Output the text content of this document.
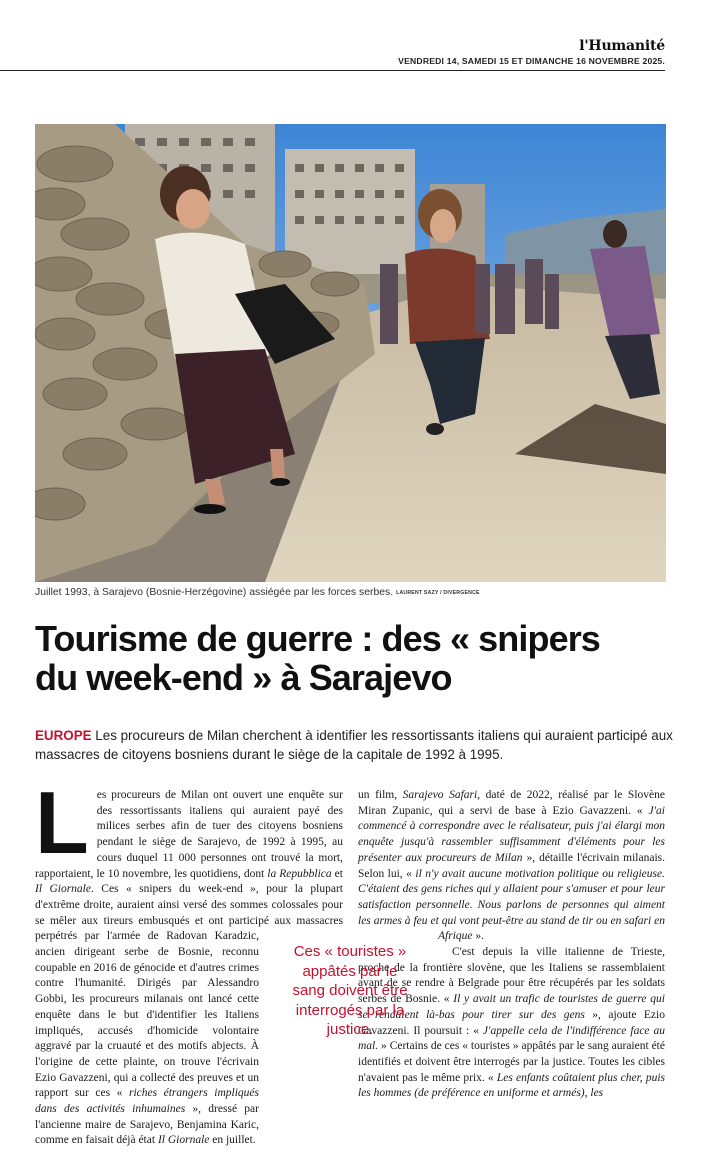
l'Humanité
VENDREDI 14, SAMEDI 15 ET DIMANCHE 16 NOVEMBRE 2025.
Juillet 1993, à Sarajevo (Bosnie-Herzégovine) assiégée par les forces serbes. LAURENT SAZY / DIVERGENCE
Tourisme de guerre : des « snipers
du week-end » à Sarajevo

EUROPE Les procureurs de Milan cherchent à identifier les ressortissants italiens qui auraient participé aux massacres de citoyens bosniens durant le siège de la capitale de 1992 à 1995.

L es procureurs de Milan ont ouvert une enquête sur des ressortissants italiens qui auraient payé des milices serbes afin de tuer des citoyens bosniens pendant le siège de Sarajevo, de 1992 à 1995, au cours duquel 11 000 personnes ont trouvé la mort, rapportaient, le 10 novembre, les quotidiens, dont la Repubblica et Il Giornale. Ces « snipers du week-end », pour la plupart d'extrême droite, auraient ainsi versé des sommes colossales pour se mêler aux tireurs embusqués et ont participé aux massacres perpétrés par l'armée de Radovan Karadzic, ancien dirigeant serbe de Bosnie, reconnu coupable en 2016 de génocide et d'autres crimes contre l'humanité. Dirigés par Alessandro Gobbi, les procureurs milanais ont lancé cette enquête dans le but d'identifier les Italiens impliqués, accusés d'homicide volontaire aggravé par la cruauté et des motifs abjects. À l'origine de cette plainte, on trouve l'écrivain Ezio Gavazzeni, qui a collecté des preuves et un rapport sur ces « riches étrangers impliqués dans des activités inhumaines », dressé par l'ancienne maire de Sarajevo, Benjamina Karic, comme en faisait déjà état Il Giornale en juillet.

un film, Sarajevo Safari, daté de 2022, réalisé par le Slovène Miran Zupanic, qui a servi de base à Ezio Gavazzeni. « J'ai commencé à correspondre avec le réalisateur, puis j'ai élargi mon enquête jusqu'à rassembler suffisamment d'éléments pour les présenter aux procureurs de Milan », détaille l'écrivain milanais. Selon lui, « il n'y avait aucune motivation politique ou religieuse. C'étaient des gens riches qui y allaient pour s'amuser et pour leur satisfaction personnelle. Nous parlons de personnes qui aiment les armes à feu et qui vont peut-être au stand de tir ou en safari en Afrique ».

C'est depuis la ville italienne de Trieste, proche de la frontière slovène, que les Italiens se rassemblaient avant de se rendre à Belgrade pour être récupérés par les soldats serbes de Bosnie. « Il y avait un trafic de touristes de guerre qui se rendaient là-bas pour tirer sur des gens », ajoute Ezio Gavazzeni. Il poursuit : « J'appelle cela de l'indifférence face au mal. » Certains de ces « touristes » appâtés par le sang auraient été identifiés et doivent être interrogés par la justice. Toutes les cibles n'avaient pas le même prix. « Les enfants coûtaient plus cher, puis les hommes (de préférence en uniforme et armés), les

Ces « touristes » appâtés par le sang doivent être interrogés par la justice.
